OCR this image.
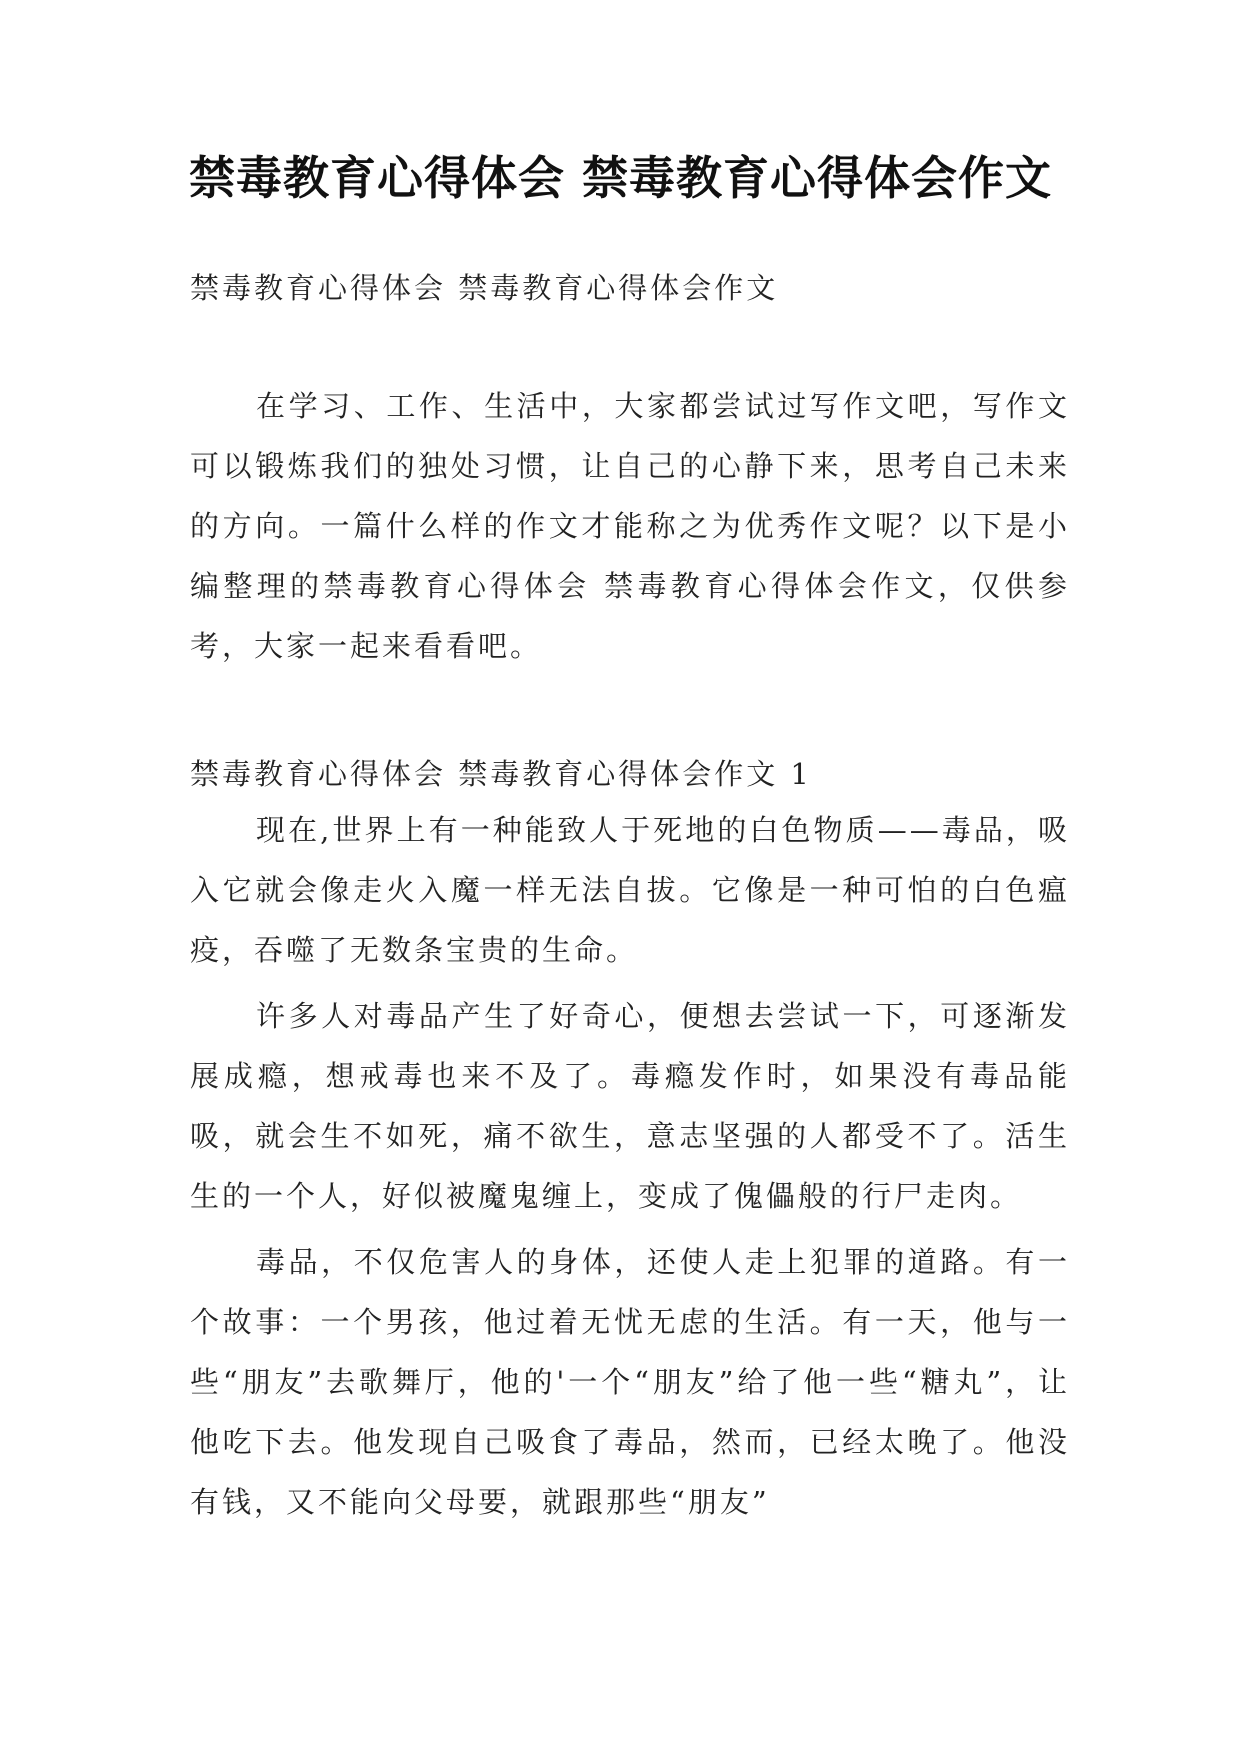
禁毒教育心得体会 禁毒教育心得体会作文

禁毒教育心得体会 禁毒教育心得体会作文

在学习、工作、生活中，大家都尝试过写作文吧，写作文可以锻炼我们的独处习惯，让自己的心静下来，思考自己未来的方向。一篇什么样的作文才能称之为优秀作文呢？以下是小编整理的禁毒教育心得体会 禁毒教育心得体会作文，仅供参考，大家一起来看看吧。

禁毒教育心得体会 禁毒教育心得体会作文 1

现在,世界上有一种能致人于死地的白色物质——毒品，吸入它就会像走火入魔一样无法自拔。它像是一种可怕的白色瘟疫，吞噬了无数条宝贵的生命。

许多人对毒品产生了好奇心，便想去尝试一下，可逐渐发展成瘾，想戒毒也来不及了。毒瘾发作时，如果没有毒品能吸，就会生不如死，痛不欲生，意志坚强的人都受不了。活生生的一个人，好似被魔鬼缠上，变成了傀儡般的行尸走肉。

毒品，不仅危害人的身体，还使人走上犯罪的道路。有一个故事：一个男孩，他过着无忧无虑的生活。有一天，他与一些“朋友”去歌舞厅，他的'一个“朋友”给了他一些“糖丸”，让他吃下去。他发现自己吸食了毒品，然而，已经太晚了。他没有钱，又不能向父母要，就跟那些“朋友”
